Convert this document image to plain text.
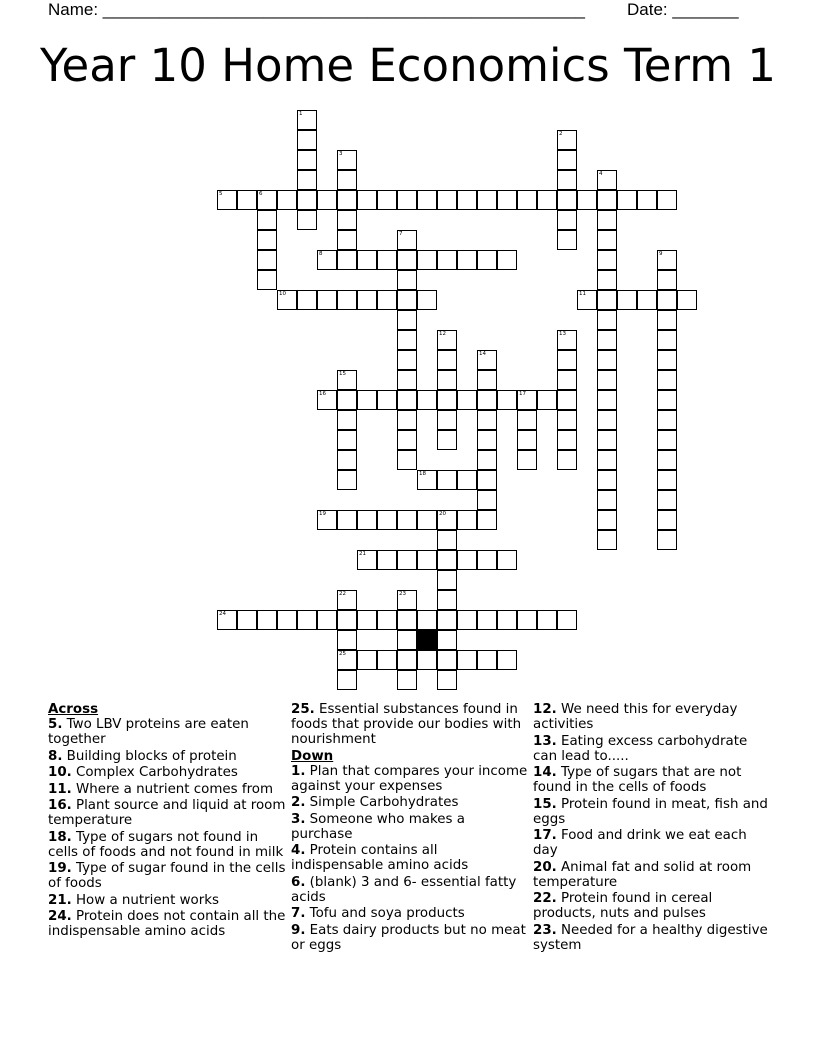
Name: ___________________________________________________ Date: _______
Year 10 Home Economics Term 1
5
8
10	11
16
18
19
21
24
25
1
2
3
4
6
7
9
12	13
14
15
17
20
22	23
Across
5. Two LBV proteins are eaten together
8. Building blocks of protein
10. Complex Carbohydrates
11. Where a nutrient comes from
16. Plant source and liquid at room temperature
18. Type of sugars not found in cells of foods and not found in milk
19. Type of sugar found in the cells of foods
21. How a nutrient works
24. Protein does not contain all the indispensable amino acids
25. Essential substances found in foods that provide our bodies with nourishment
Down
1. Plan that compares your income against your expenses
2. Simple Carbohydrates
3. Someone who makes a purchase
4. Protein contains all indispensable amino acids
6. (blank) 3 and 6- essential fatty acids
7. Tofu and soya products
9. Eats dairy products but no meat or eggs
12. We need this for everyday activities
13. Eating excess carbohydrate can lead to.....
14. Type of sugars that are not found in the cells of foods
15. Protein found in meat, fish and eggs
17. Food and drink we eat each day
20. Animal fat and solid at room temperature
22. Protein found in cereal products, nuts and pulses
23. Needed for a healthy digestive system
